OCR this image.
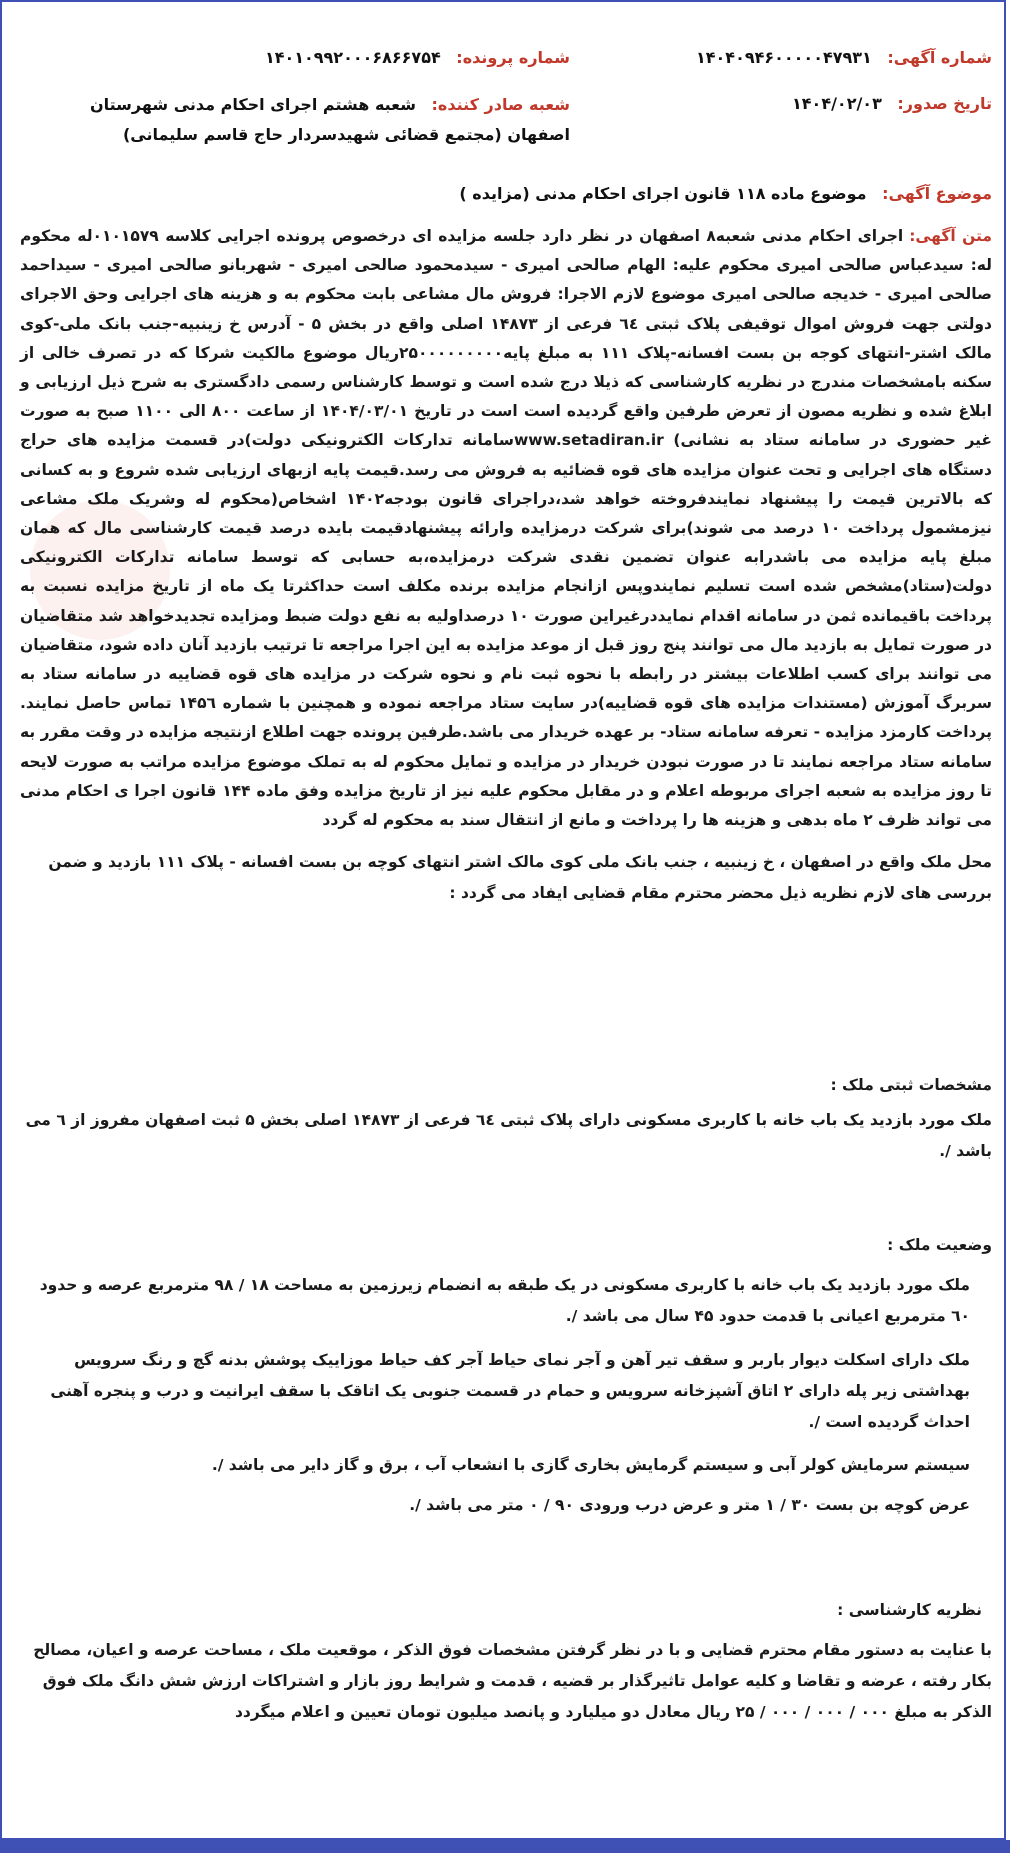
شماره آگهی: ۱۴۰۴۰۹۴۶۰۰۰۰۰۴۷۹۳۱
شماره پرونده: ۱۴۰۱۰۹۹۲۰۰۰۶۸۶۶۷۵۴
تاریخ صدور: ۱۴۰۴/۰۲/۰۳
شعبه صادر کننده: شعبه هشتم اجرای احکام مدنی شهرستان اصفهان (مجتمع قضائی شهیدسردار حاج قاسم سلیمانی)
موضوع آگهی: موضوع ماده ۱۱۸ قانون اجرای احکام مدنی (مزایده )
متن آگهی:اجرای احکام مدنی شعبه۸ اصفهان در نظر دارد جلسه مزایده ای درخصوص پرونده اجرایی کلاسه ۰۱۰۱۵۷۹له محکوم له: سیدعباس صالحی امیری محکوم علیه: الهام صالحی امیری - سیدمحمود صالحی امیری - شهربانو صالحی امیری - سیداحمد صالحی امیری - خدیجه صالحی امیری موضوع لازم الاجرا: فروش مال مشاعی بابت محکوم به و هزینه های اجرایی وحق الاجرای دولتی جهت فروش اموال توقیفی پلاک ثبتی ٦٤ فرعی از ۱۴۸۷۳ اصلی واقع در بخش ۵ - آدرس خ زینبیه-جنب بانک ملی-کوی مالک اشتر-انتهای کوجه بن بست افسانه-پلاک ۱۱۱ به مبلغ پایه۲۵۰۰۰۰۰۰۰۰۰ریال موضوع مالکیت شرکا که در تصرف خالی از سکنه بامشخصات مندرج در نظریه کارشناسی که ذیلا درج شده است و توسط کارشناس رسمی دادگستری به شرح ذیل ارزیابی و ابلاغ شده و نظریه مصون از تعرض طرفین واقع گردیده است است در تاریخ ۱۴۰۴/۰۳/۰۱ از ساعت ۸۰۰ الی ۱۱۰۰ صبح به صورت غیر حضوری در سامانه ستاد به نشانی) www.setadiran.irسامانه تدارکات الکترونیکی دولت)در قسمت مزایده های حراج دستگاه های اجرایی و تحت عنوان مزایده های قوه قضائیه به فروش می رسد.قیمت پایه ازبهای ارزیابی شده شروع و به کسانی که بالاترین قیمت را پیشنهاد نمایندفروخته خواهد شد،دراجرای قانون بودجه۱۴۰۲ اشخاص(محکوم له وشریک ملک مشاعی نیزمشمول پرداخت ۱۰ درصد می شوند)برای شرکت درمزایده وارائه پیشنهادقیمت بایده درصد قیمت کارشناسی مال که همان مبلغ پایه مزایده می باشدرابه عنوان تضمین نقدی شرکت درمزایده،به حسابی که توسط سامانه تدارکات الکترونیکی دولت(ستاد)مشخص شده است تسلیم نمایندوپس ازانجام مزایده برنده مکلف است حداکثرتا یک ماه از تاریخ مزایده نسبت به پرداخت باقیمانده ثمن در سامانه اقدام نمایددرغیراین صورت ۱۰ درصداولیه به نفع دولت ضبط ومزایده تجدیدخواهد شد متقاضیان در صورت تمایل به بازدید مال می توانند پنج روز قبل از موعد مزایده به این اجرا مراجعه تا ترتیب بازدید آنان داده شود، متقاضیان می توانند برای کسب اطلاعات بیشتر در رابطه با نحوه ثبت نام و نحوه شرکت در مزایده های قوه قضاییه در سامانه ستاد به سربرگ آموزش (مستندات مزایده های قوه قضاییه)در سایت ستاد مراجعه نموده و همچنین با شماره ۱۴۵٦ تماس حاصل نمایند. پرداخت کارمزد مزایده - تعرفه سامانه ستاد- بر عهده خریدار می باشد.طرفین پرونده جهت اطلاع ازنتیجه مزایده در وقت مقرر به سامانه ستاد مراجعه نمایند تا در صورت نبودن خریدار در مزایده و تمایل محکوم له به تملک موضوع مزایده مراتب به صورت لایحه تا روز مزایده به شعبه اجرای مربوطه اعلام و در مقابل محکوم علیه نیز از تاریخ مزایده وفق ماده ۱۴۴ قانون اجرا ی احکام مدنی می تواند ظرف ۲ ماه بدهی و هزینه ها را پرداخت و مانع از انتقال سند به محکوم له گردد
محل ملک واقع در اصفهان ، خ زینبیه ، جنب بانک ملی کوی مالک اشتر انتهای کوچه بن بست افسانه - پلاک ۱۱۱ بازدید و ضمن بررسی های لازم نظریه ذیل محضر محترم مقام قضایی ایفاد می گردد :
مشخصات ثبتی ملک :
ملک مورد بازدید یک باب خانه با کاربری مسکونی دارای پلاک ثبتی ٦٤ فرعی از ۱۴۸۷۳ اصلی بخش ۵ ثبت اصفهان مفروز از ٦ می باشد /.
وضعیت ملک :
ملک مورد بازدید یک باب خانه با کاربری مسکونی در یک طبقه به انضمام زیرزمین به مساحت ۱۸ / ۹۸ مترمربع عرصه و حدود ٦۰ مترمربع اعیانی با قدمت حدود ۴۵ سال می باشد /.
ملک دارای اسکلت دیوار باربر و سقف تیر آهن و آجر نمای حیاط آجر کف حیاط موزاییک پوشش بدنه گچ و رنگ سرویس بهداشتی زیر پله دارای ۲ اتاق آشپزخانه سرویس و حمام در قسمت جنوبی یک اتاقک با سقف ایرانیت و درب و پنجره آهنی احداث گردیده است /.
سیستم سرمایش کولر آبی و سیستم گرمایش بخاری گازی با انشعاب آب ، برق و گاز دایر می باشد /.
عرض کوچه بن بست ۳۰ / ۱ متر و عرض درب ورودی ۹۰ / ۰ متر می باشد /.
نظریه کارشناسی :
با عنایت به دستور مقام محترم قضایی و با در نظر گرفتن مشخصات فوق الذکر ، موقعیت ملک ، مساحت عرصه و اعیان، مصالح بکار رفته ، عرضه و تقاضا و کلیه عوامل تاثیرگذار بر قضیه ، قدمت و شرایط روز بازار و اشتراکات ارزش شش دانگ ملک فوق الذکر به مبلغ ۰۰۰ / ۰۰۰ / ۰۰۰ / ۲۵ ریال معادل دو میلیارد و پانصد میلیون تومان تعیین و اعلام میگردد
